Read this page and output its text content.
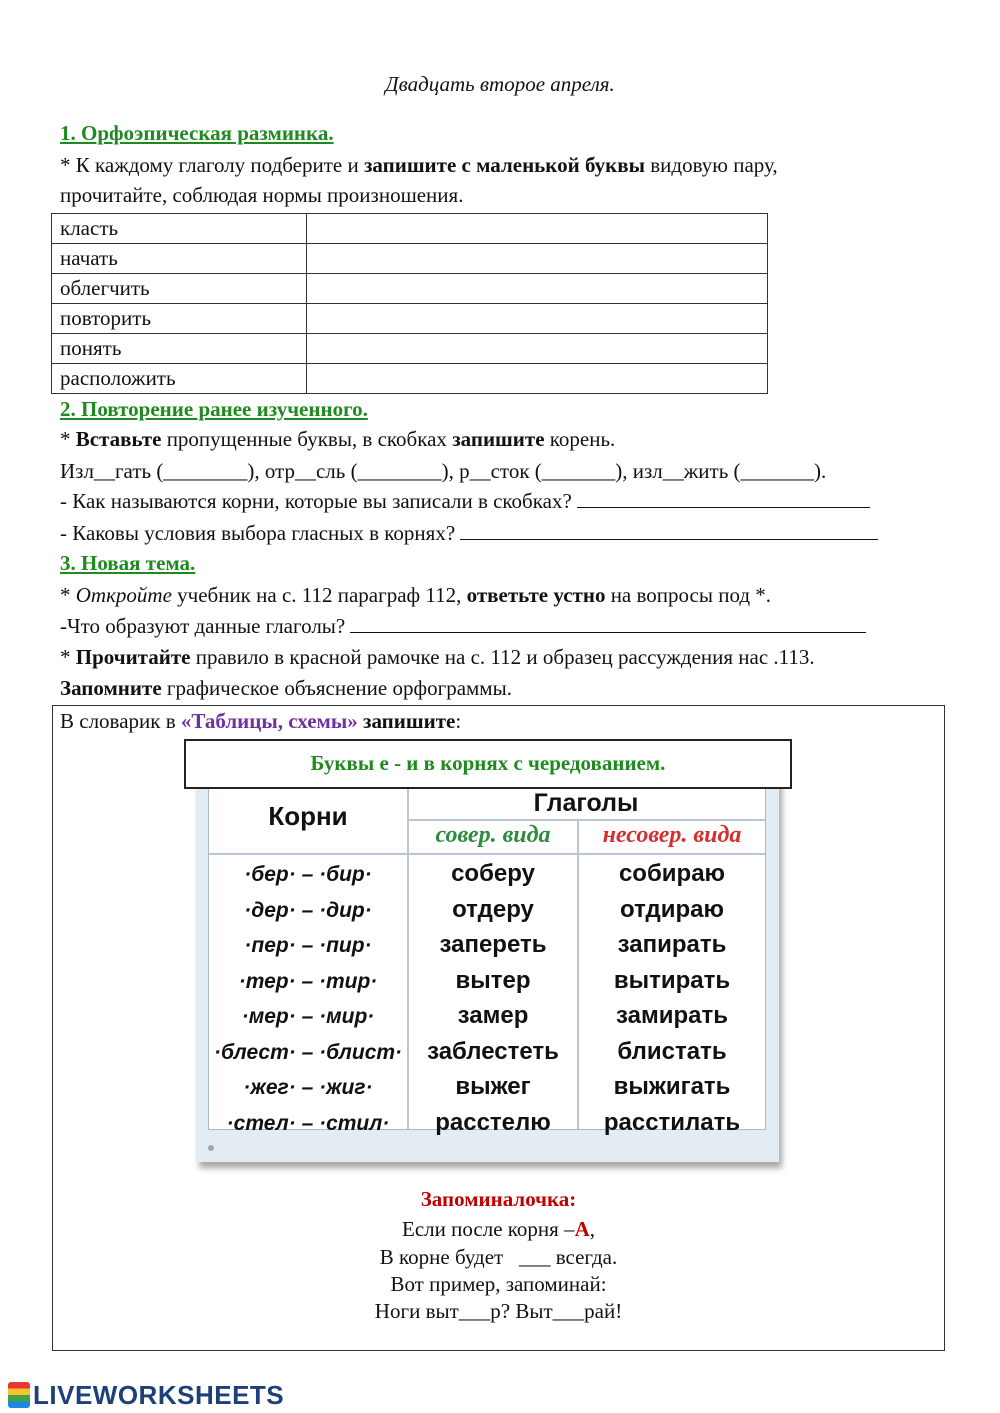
Двадцать второе апреля.
1. Орфоэпическая разминка.
* К каждому глаголу подберите и запишите с маленькой буквы видовую пару,
прочитайте, соблюдая нормы произношения.
класть	
начать	
облегчить	
повторить	
понять	
расположить	
2. Повторение ранее изученного.
* Вставьте пропущенные буквы, в скобках запишите корень.
Изл__гать (________), отр__сль (________), р__сток (_______), изл__жить (_______).
- Как называются корни, которые вы записали в скобках?
- Каковы условия выбора гласных в корнях?
3. Новая тема.
* Откройте учебник на с. 112 параграф 112, ответьте устно на вопросы под *.
-Что образуют данные глаголы?
* Прочитайте правило в красной рамочке на с. 112 и образец рассуждения нас .113.
Запомните графическое объяснение орфограммы.
В словарик в «Таблицы, схемы» запишите:
Буквы е - и в корнях с чередованием.
Корни	Глаголы
совер. вида	несовер. вида
·бер· – ·бир·	соберу	собираю
·дер· – ·дир·	отдеру	отдираю
·пер· – ·пир·	запереть	запирать
·тер· – ·тир·	вытер	вытирать
·мер· – ·мир·	замер	замирать
·блест· – ·блист·	заблестеть	блистать
·жег· – ·жиг·	выжег	выжигать
·стел· – ·стил·	расстелю	расстилать
Запоминалочка:
Если после корня –А,
В корне будет   ___ всегда.
Вот пример, запоминай:
Ноги выт___р? Выт___рай!
LIVEWORKSHEETS
